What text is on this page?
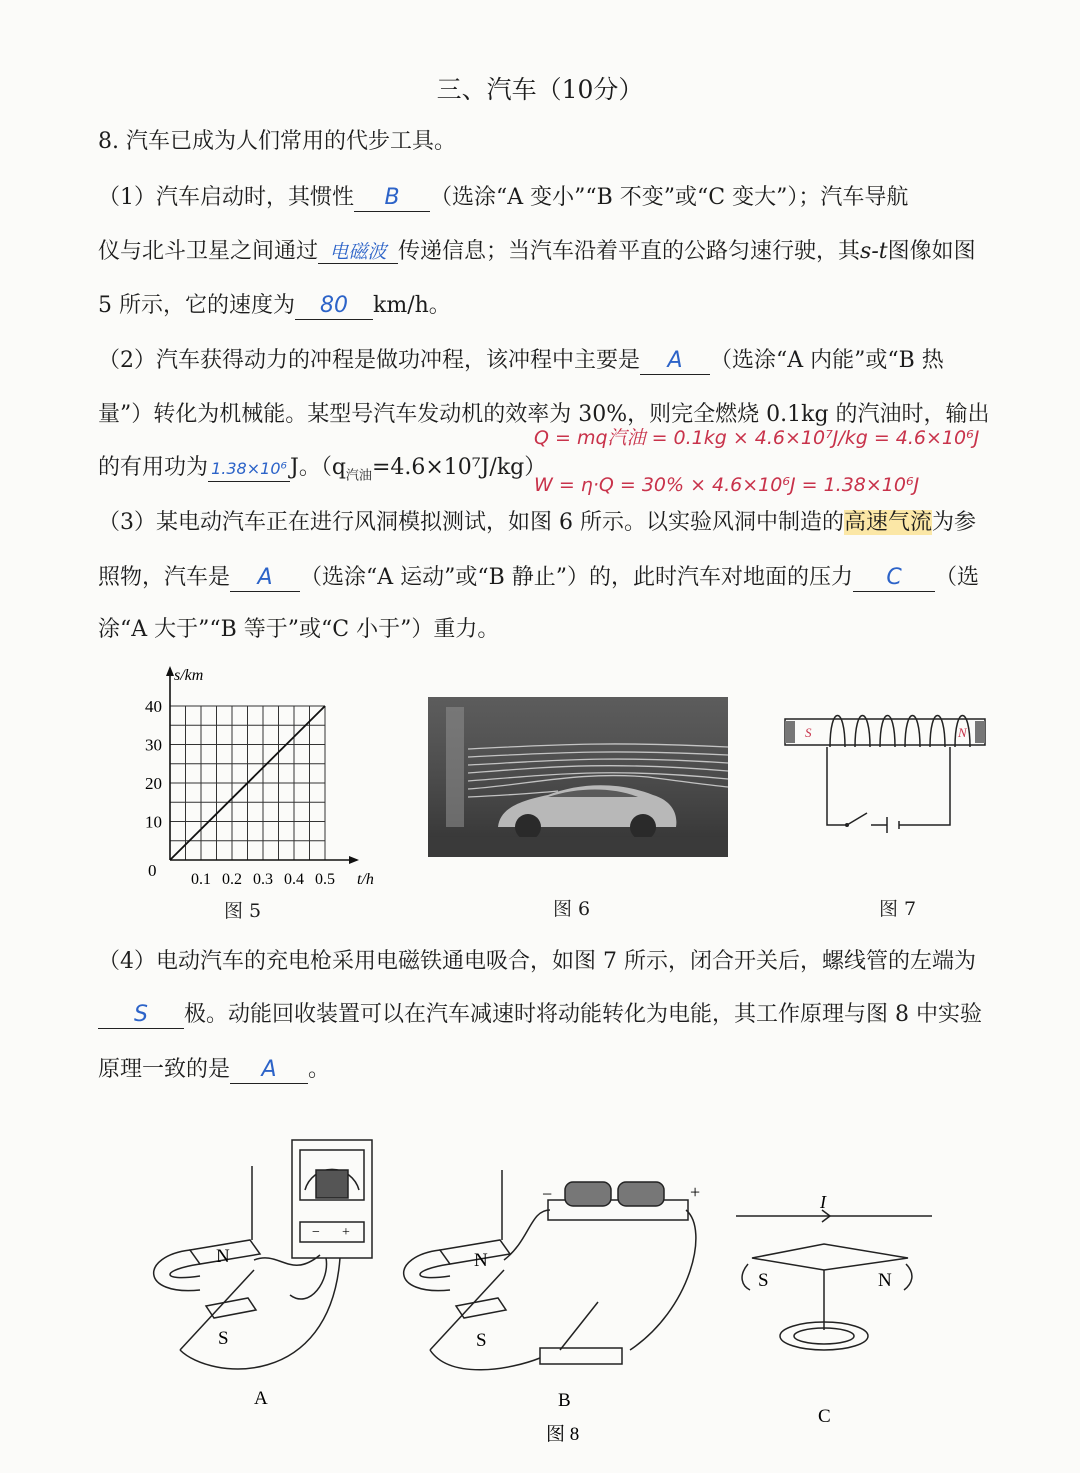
三、汽车（10分）
8. 汽车已成为人们常用的代步工具。
（1）汽车启动时，其惯性 B （选涂“A 变小”“B 不变”或“C 变大”）；汽车导航
仪与北斗卫星之间通过 电磁波 传递信息；当汽车沿着平直的公路匀速行驶，其s-t图像如图
5 所示，它的速度为 80 km/h。
（2）汽车获得动力的冲程是做功冲程，该冲程中主要是 A （选涂“A 内能”或“B 热
量”）转化为机械能。某型号汽车发动机的效率为 30%，则完全燃烧 0.1kg 的汽油时，输出
的有用功为 1.38×10⁶ J。$(q_{汽油}=4.6\times 10^7J/kg)$
Q = mq汽油 = 0.1kg × 4.6×10⁷J/kg = 4.6×10⁶J
W = η·Q = 30% × 4.6×10⁶J = 1.38×10⁶J
（3）某电动汽车正在进行风洞模拟测试，如图 6 所示。以实验风洞中制造的高速气流为参
照物，汽车是 A （选涂“A 运动”或“B 静止”）的，此时汽车对地面的压力 C （选
涂“A 大于”“B 等于”或“C 小于”）重力。
s/km
t/h
40
30
20
10
0 0.1 0.2 0.3 0.4 0.5
图 5	图 6
S	N
图 7
（4）电动汽车的充电枪采用电磁铁通电吸合，如图 7 所示，闭合开关后，螺线管的左端为
S 极。动能回收装置可以在汽车减速时将动能转化为电能，其工作原理与图 8 中实验
原理一致的是 A 。
N
S
− +
A
N
S
−	+
B
图 8
I
S	N
C
